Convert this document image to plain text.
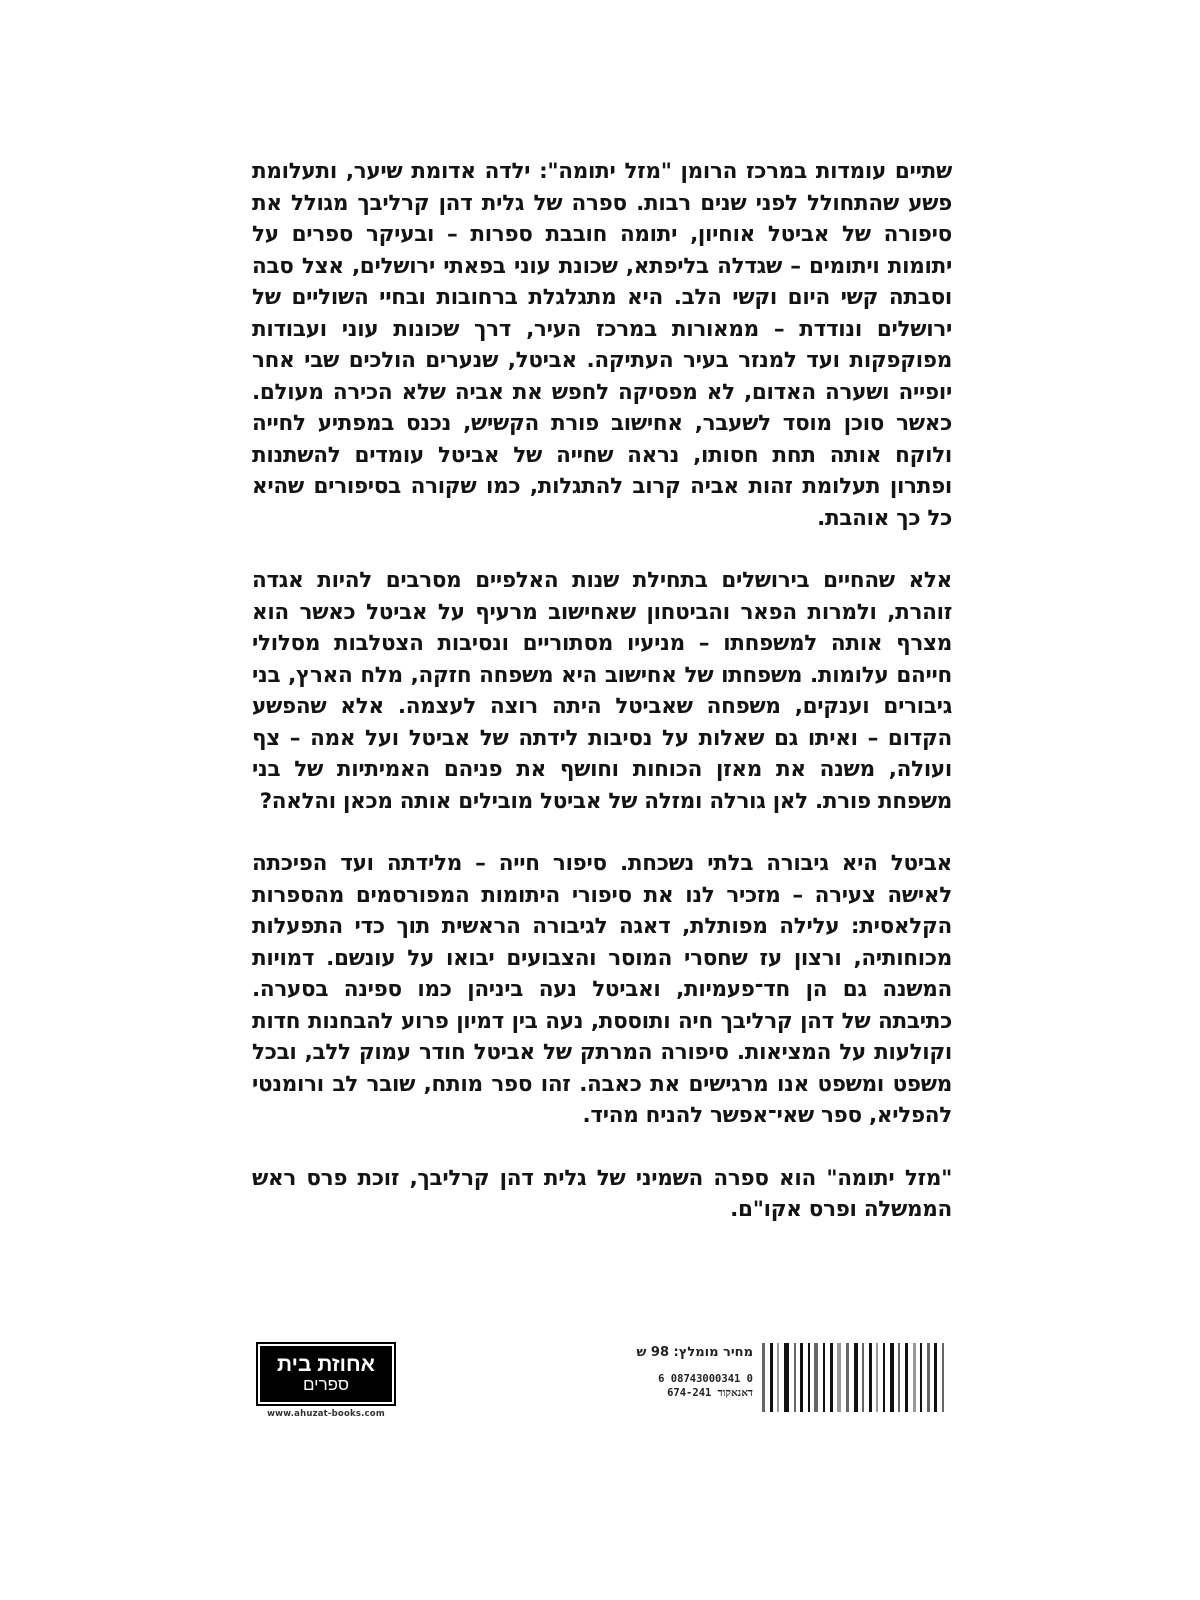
שתיים עומדות במרכז הרומן "מזל יתומה": ילדה אדומת שיער, ותעלומת פשע שהתחולל לפני שנים רבות. ספרה של גלית דהן קרליבך מגולל את סיפורה של אביטל אוחיון, יתומה חובבת ספרות – ובעיקר ספרים על יתומות ויתומים – שגדלה בליפתא, שכונת עוני בפאתי ירושלים, אצל סבה וסבתה קשי היום וקשי הלב. היא מתגלגלת ברחובות ובחיי השוליים של ירושלים ונודדת – ממאורות במרכז העיר, דרך שכונות עוני ועבודות מפוקפקות ועד למנזר בעיר העתיקה. אביטל, שנערים הולכים שבי אחר יופייה ושערה האדום, לא מפסיקה לחפש את אביה שלא הכירה מעולם. כאשר סוכן מוסד לשעבר, אחישוב פורת הקשיש, נכנס במפתיע לחייה ולוקח אותה תחת חסותו, נראה שחייה של אביטל עומדים להשתנות ופתרון תעלומת זהות אביה קרוב להתגלות, כמו שקורה בסיפורים שהיא כל כך אוהבת.

אלא שהחיים בירושלים בתחילת שנות האלפיים מסרבים להיות אגדה זוהרת, ולמרות הפאר והביטחון שאחישוב מרעיף על אביטל כאשר הוא מצרף אותה למשפחתו – מניעיו מסתוריים ונסיבות הצטלבות מסלולי חייהם עלומות. משפחתו של אחישוב היא משפחה חזקה, מלח הארץ, בני גיבורים וענקים, משפחה שאביטל היתה רוצה לעצמה. אלא שהפשע הקדום – ואיתו גם שאלות על נסיבות לידתה של אביטל ועל אמה – צף ועולה, משנה את מאזן הכוחות וחושף את פניהם האמיתיות של בני משפחת פורת. לאן גורלה ומזלה של אביטל מובילים אותה מכאן והלאה?

אביטל היא גיבורה בלתי נשכחת. סיפור חייה – מלידתה ועד הפיכתה לאישה צעירה – מזכיר לנו את סיפורי היתומות המפורסמים מהספרות הקלאסית: עלילה מפותלת, דאגה לגיבורה הראשית תוך כדי התפעלות מכוחותיה, ורצון עז שחסרי המוסר והצבועים יבואו על עונשם. דמויות המשנה גם הן חד־פעמיות, ואביטל נעה ביניהן כמו ספינה בסערה. כתיבתה של דהן קרליבך חיה ותוססת, נעה בין דמיון פרוע להבחנות חדות וקולעות על המציאות. סיפורה המרתק של אביטל חודר עמוק ללב, ובכל משפט ומשפט אנו מרגישים את כאבה. זהו ספר מותח, שובר לב ורומנטי להפליא, ספר שאי־אפשר להניח מהיד.

"מזל יתומה" הוא ספרה השמיני של גלית דהן קרליבך, זוכת פרס ראש הממשלה ופרס אקו"ם.

אחוזת בית
ספרים
www.ahuzat-books.com
מחיר מומלץ: 98 ש
0 08743000341 6
דאנאקוד 674-241
